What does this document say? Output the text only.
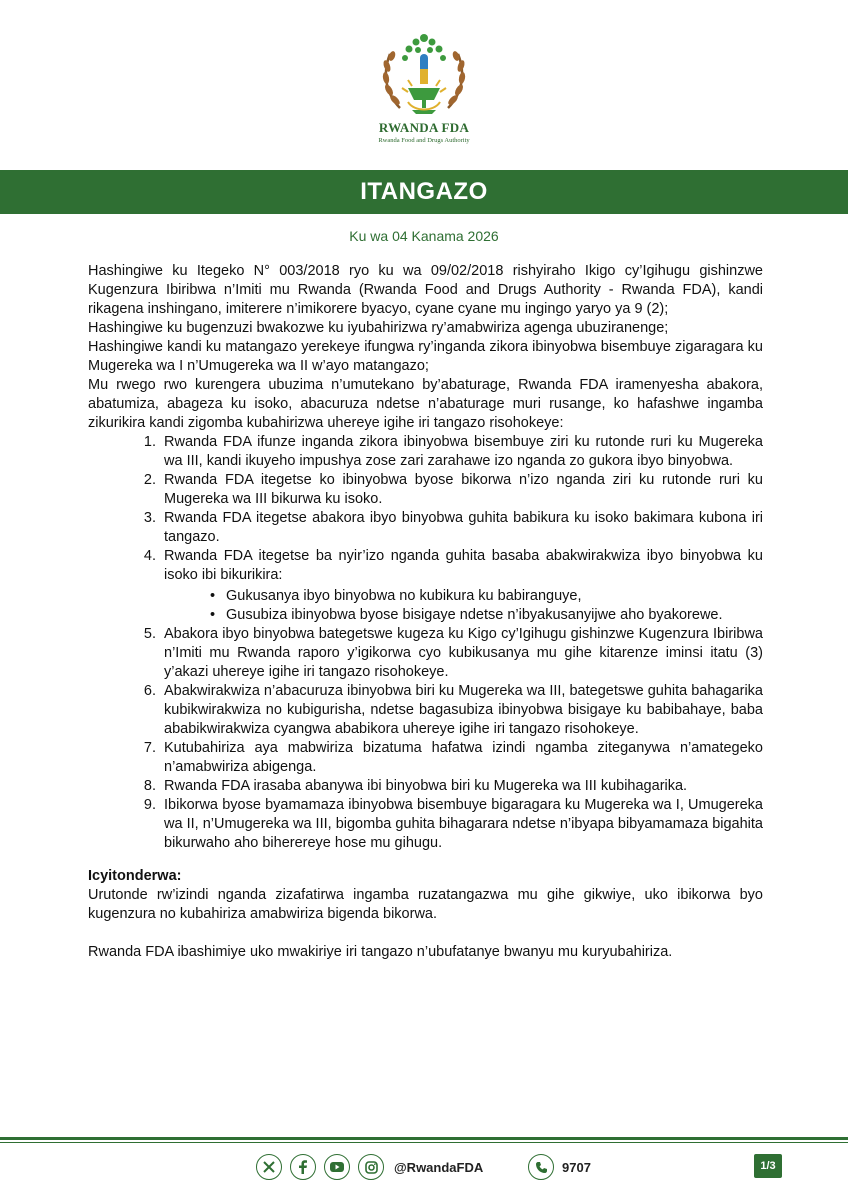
RWANDA FDA
Rwanda Food and Drugs Authority
ITANGAZO
Ku wa 04 Kanama 2026

Hashingiwe ku Itegeko N° 003/2018 ryo ku wa 09/02/2018 rishyiraho Ikigo cy’Igihugu gishinzwe Kugenzura Ibiribwa n’Imiti mu Rwanda (Rwanda Food and Drugs Authority - Rwanda FDA), kandi rikagena inshingano, imiterere n’imikorere byacyo, cyane cyane mu ingingo yaryo ya 9 (2);

Hashingiwe ku bugenzuzi bwakozwe ku iyubahirizwa ry’amabwiriza agenga ubuziranenge;

Hashingiwe kandi ku matangazo yerekeye ifungwa ry’inganda zikora ibinyobwa bisembuye zigaragara ku Mugereka wa I n’Umugereka wa II w’ayo matangazo;

Mu rwego rwo kurengera ubuzima n’umutekano by’abaturage, Rwanda FDA iramenyesha abakora, abatumiza, abageza ku isoko, abacuruza ndetse n’abaturage muri rusange, ko hafashwe ingamba zikurikira kandi zigomba kubahirizwa uhereye igihe iri tangazo risohokeye:

1. Rwanda FDA ifunze inganda zikora ibinyobwa bisembuye ziri ku rutonde ruri ku Mugereka wa III, kandi ikuyeho impushya zose zari zarahawe izo nganda zo gukora ibyo binyobwa.
2. Rwanda FDA itegetse ko ibinyobwa byose bikorwa n’izo nganda ziri ku rutonde ruri ku Mugereka wa III bikurwa ku isoko.
3. Rwanda FDA itegetse abakora ibyo binyobwa guhita babikura ku isoko bakimara kubona iri tangazo.
4. Rwanda FDA itegetse ba nyir’izo nganda guhita basaba abakwirakwiza ibyo binyobwa ku isoko ibi bikurikira:
• Gukusanya ibyo binyobwa no kubikura ku babiranguye,
• Gusubiza ibinyobwa byose bisigaye ndetse n’ibyakusanyijwe aho byakorewe.
5. Abakora ibyo binyobwa bategetswe kugeza ku Kigo cy’Igihugu gishinzwe Kugenzura Ibiribwa n’Imiti mu Rwanda raporo y’igikorwa cyo kubikusanya mu gihe kitarenze iminsi itatu (3) y’akazi uhereye igihe iri tangazo risohokeye.
6. Abakwirakwiza n’abacuruza ibinyobwa biri ku Mugereka wa III, bategetswe guhita bahagarika kubikwirakwiza no kubigurisha, ndetse bagasubiza ibinyobwa bisigaye ku babibahaye, baba ababikwirakwiza cyangwa ababikora uhereye igihe iri tangazo risohokeye.
7. Kutubahiriza aya mabwiriza bizatuma hafatwa izindi ngamba ziteganywa n’amategeko n’amabwiriza abigenga.
8. Rwanda FDA irasaba abanywa ibi binyobwa biri ku Mugereka wa III kubihagarika.
9. Ibikorwa byose byamamaza ibinyobwa bisembuye bigaragara ku Mugereka wa I, Umugereka wa II, n’Umugereka wa III, bigomba guhita bihagarara ndetse n’ibyapa bibyamamaza bigahita bikurwaho aho biherereye hose mu gihugu.

Icyitonderwa:

Urutonde rw’izindi nganda zizafatirwa ingamba ruzatangazwa mu gihe gikwiye, uko ibikorwa byo kugenzura no kubahiriza amabwiriza bigenda bikorwa.

Rwanda FDA ibashimiye uko mwakiriye iri tangazo n’ubufatanye bwanyu mu kuryubahiriza.

@RwandaFDA	9707	1/3
